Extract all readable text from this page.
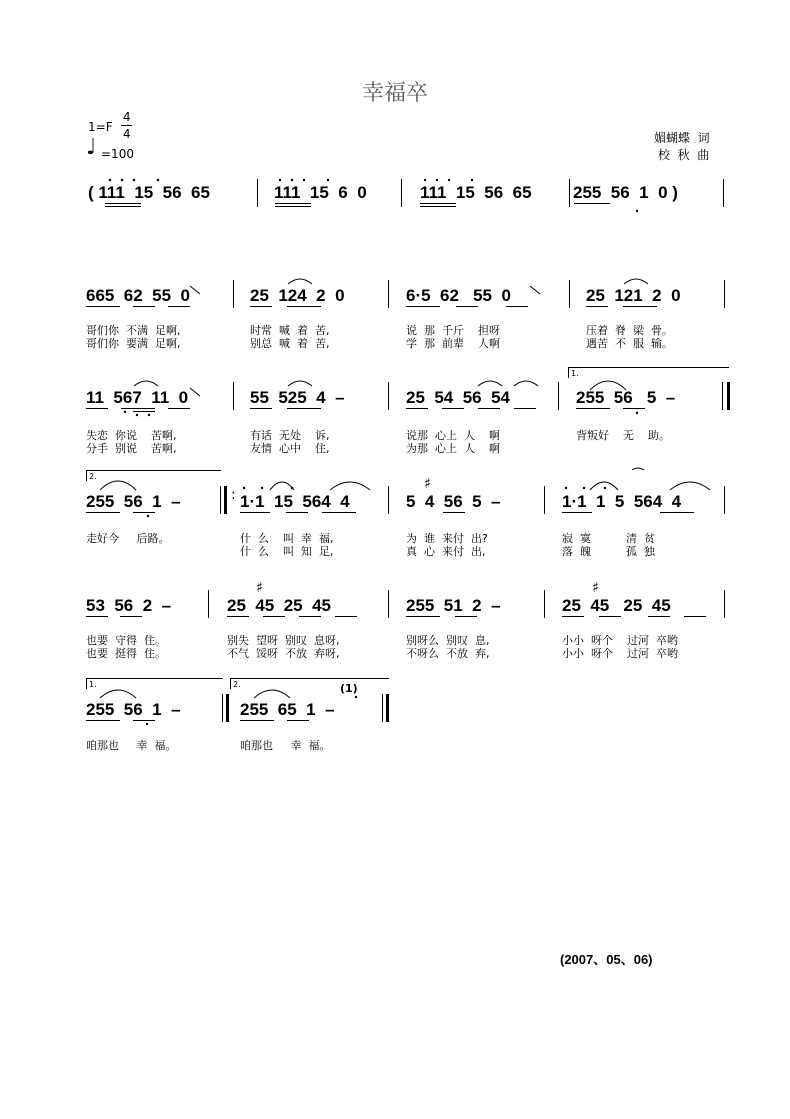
幸福卒
1=F
4
4
♩ =100
媚蝴蝶  词
校  秋  曲
( 111  15  56  65	111  15  6  0	111  15  56  65 255  56  1  0 )
665  62  55  0	25  124  2  0	6·5  62   55  0	25  121  2  0
哥们你  不满  足啊,	时常  喊  着  苦,	说  那  千斤    担呀	压着  脊  梁  骨。
哥们你  要满  足啊,	别总  喊  着  苦,	学  那  前辈    人啊	遇苦  不  服  输。
11  567  11  0	55  525  4  –	25  54  56  54	255  56   5  –
1.
失恋  你说    苦啊,	有话  无处    诉,	说那  心上  人    啊	背叛好    无    助。
分手  别说    苦啊,	友情  心中    住,	为那  心上  人    啊
2.
255  56  1  –	: 1·1  15  564  4	5  4  56  5  –
♯
1·1  1  5  564  4
走好今     后路。	什  么    叫  幸  福,	为  谁  来付  出?	寂  寞          清  贫
什  么    叫  知  足,	真  心  来付  出,	落  魄          孤  独
53  56  2  –	25  45  25  45
♯
255  51  2  –	25  45   25  45
♯
也要  守得  住。	别失  望呀  别叹  息呀,	别呀么  别叹  息,	小小  呀个    过河  卒哟
也要  挺得  住。	不气  馁呀  不放  弃呀,	不呀么  不放  弃,	小小  呀个    过河  卒哟
1.	2.	(1)
255  56  1  –	255  65  1  –
咱那也     幸  福。	咱那也     幸  福。
(2007、05、06)
